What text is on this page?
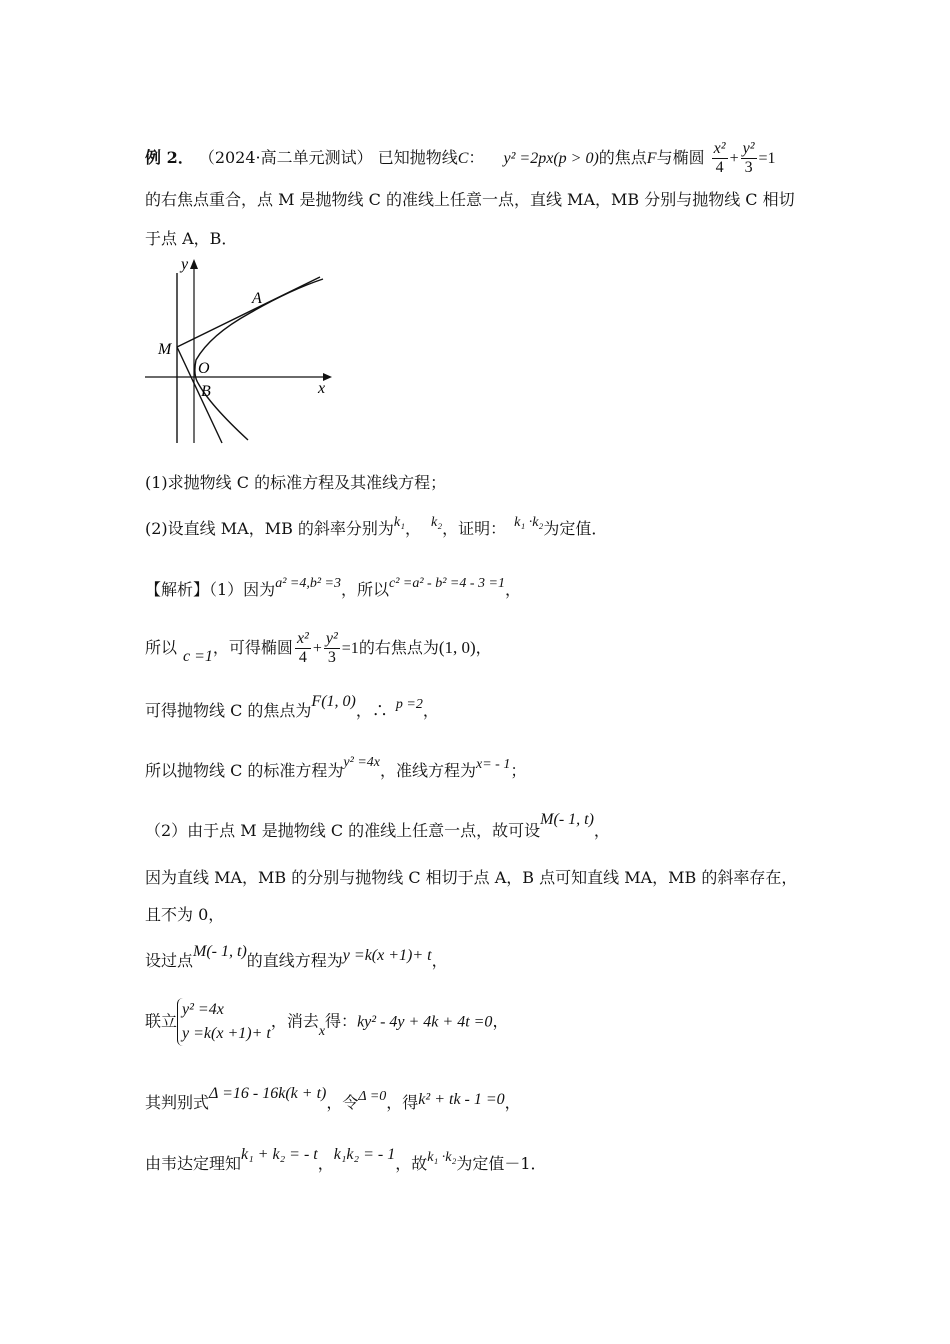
例 2． （2024·高二单元测试） 已知抛物线C： y² =2px(p > 0)的焦点F与椭圆 $\frac{\text{x²}}{4} + \frac{\text{y²}}{3} =1$
的右焦点重合，点 M 是抛物线 C 的准线上任意一点，直线 MA，MB 分别与抛物线 C 相切
于点 A，B．
y
x
A
M
O
B
(1)求抛物线 C 的标准方程及其准线方程；
(2)设直线 MA，MB 的斜率分别为k₁， k₂，证明： k₁ ·k₂为定值．
【解析】（1）因为a² =4,b² =3，所以c² =a² - b² =4 - 3 =1，
所以 c =1，可得椭圆 $\frac{\text{x²}}{4} + \frac{\text{y²}}{3} =1$的右焦点为(1, 0)，
可得抛物线 C 的焦点为F(1, 0)，∴ p =2，
所以抛物线 C 的标准方程为y² =4x，准线方程为x= - 1；
（2）由于点 M 是抛物线 C 的准线上任意一点，故可设M(- 1, t)，
因为直线 MA，MB 的分别与抛物线 C 相切于点 A，B 点可知直线 MA，MB 的斜率存在，
且不为 0，
设过点M(- 1, t)的直线方程为y =k(x +1)+ t，
联立
y² =4x
y =k(x +1)+ t
，消去x得：ky² - 4y + 4k + 4t =0，
其判别式Δ =16 - 16k(k + t)，令Δ =0，得k² + tk - 1 =0，
由韦达定理知k₁ + k₂ = - t，k₁k₂ = - 1，故k₁ ·k₂为定值－1．
